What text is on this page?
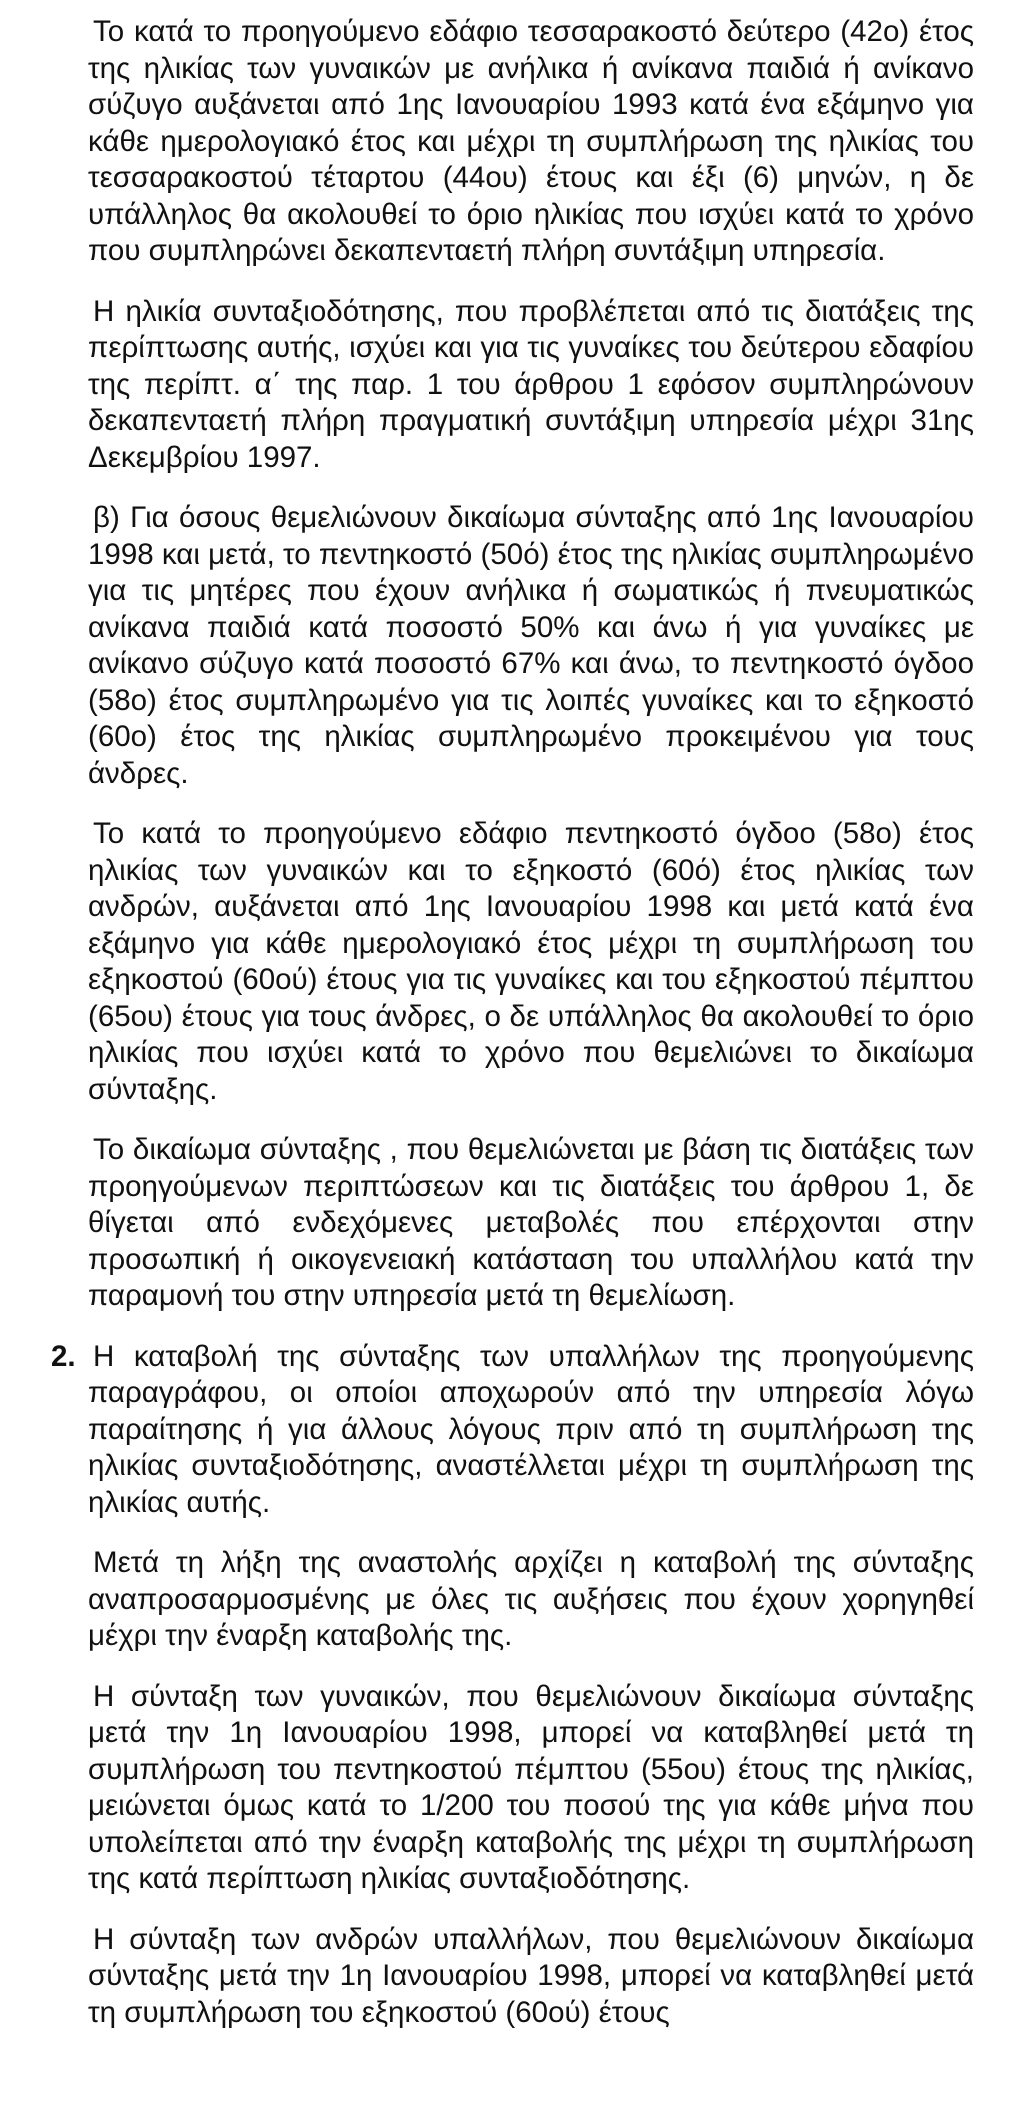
Το κατά το προηγούμενο εδάφιο τεσσαρακοστό δεύτερο (42ο) έτος της ηλικίας των γυναικών με ανήλικα ή ανίκανα παιδιά ή ανίκανο σύζυγο αυξάνεται από 1ης Ιανουαρίου 1993 κατά ένα εξάμηνο για κάθε ημερολογιακό έτος και μέχρι τη συμπλήρωση της ηλικίας του τεσσαρακοστού τέταρτου (44ου) έτους και έξι (6) μηνών, η δε υπάλληλος θα ακολουθεί το όριο ηλικίας που ισχύει κατά το χρόνο που συμπληρώνει δεκαπενταετή πλήρη συντάξιμη υπηρεσία.

Η ηλικία συνταξιοδότησης, που προβλέπεται από τις διατάξεις της περίπτωσης αυτής, ισχύει και για τις γυναίκες του δεύτερου εδαφίου της περίπτ. α΄ της παρ. 1 του άρθρου 1 εφόσον συμπληρώνουν δεκαπενταετή πλήρη πραγματική συντάξιμη υπηρεσία μέχρι 31ης Δεκεμβρίου 1997.

β) Για όσους θεμελιώνουν δικαίωμα σύνταξης από 1ης Ιανουαρίου 1998 και μετά, το πεντηκοστό (50ό) έτος της ηλικίας συμπληρωμένο για τις μητέρες που έχουν ανήλικα ή σωματικώς ή πνευματικώς ανίκανα παιδιά κατά ποσοστό 50% και άνω ή για γυναίκες με ανίκανο σύζυγο κατά ποσοστό 67% και άνω, το πεντηκοστό όγδοο (58ο) έτος συμπληρωμένο για τις λοιπές γυναίκες και το εξηκοστό (60ο) έτος της ηλικίας συμπληρωμένο προκειμένου για τους άνδρες.

Το κατά το προηγούμενο εδάφιο πεντηκοστό όγδοο (58ο) έτος ηλικίας των γυναικών και το εξηκοστό (60ό) έτος ηλικίας των ανδρών, αυξάνεται από 1ης Ιανουαρίου 1998 και μετά κατά ένα εξάμηνο για κάθε ημερολογιακό έτος μέχρι τη συμπλήρωση του εξηκοστού (60ού) έτους για τις γυναίκες και του εξηκοστού πέμπτου (65ου) έτους για τους άνδρες, ο δε υπάλληλος θα ακολουθεί το όριο ηλικίας που ισχύει κατά το χρόνο που θεμελιώνει το δικαίωμα σύνταξης.

Το δικαίωμα σύνταξης , που θεμελιώνεται με βάση τις διατάξεις των προηγούμενων περιπτώσεων και τις διατάξεις του άρθρου 1, δε θίγεται από ενδεχόμενες μεταβολές που επέρχονται στην προσωπική ή οικογενειακή κατάσταση του υπαλλήλου κατά την παραμονή του στην υπηρεσία μετά τη θεμελίωση.

2. Η καταβολή της σύνταξης των υπαλλήλων της προηγούμενης παραγράφου, οι οποίοι αποχωρούν από την υπηρεσία λόγω παραίτησης ή για άλλους λόγους πριν από τη συμπλήρωση της ηλικίας συνταξιοδότησης, αναστέλλεται μέχρι τη συμπλήρωση της ηλικίας αυτής.

Μετά τη λήξη της αναστολής αρχίζει η καταβολή της σύνταξης αναπροσαρμοσμένης με όλες τις αυξήσεις που έχουν χορηγηθεί μέχρι την έναρξη καταβολής της.

Η σύνταξη των γυναικών, που θεμελιώνουν δικαίωμα σύνταξης μετά την 1η Ιανουαρίου 1998, μπορεί να καταβληθεί μετά τη συμπλήρωση του πεντηκοστού πέμπτου (55ου) έτους της ηλικίας, μειώνεται όμως κατά το 1/200 του ποσού της για κάθε μήνα που υπολείπεται από την έναρξη καταβολής της μέχρι τη συμπλήρωση της κατά περίπτωση ηλικίας συνταξιοδότησης.

Η σύνταξη των ανδρών υπαλλήλων, που θεμελιώνουν δικαίωμα σύνταξης μετά την 1η Ιανουαρίου 1998, μπορεί να καταβληθεί μετά τη συμπλήρωση του εξηκοστού (60ού) έτους
